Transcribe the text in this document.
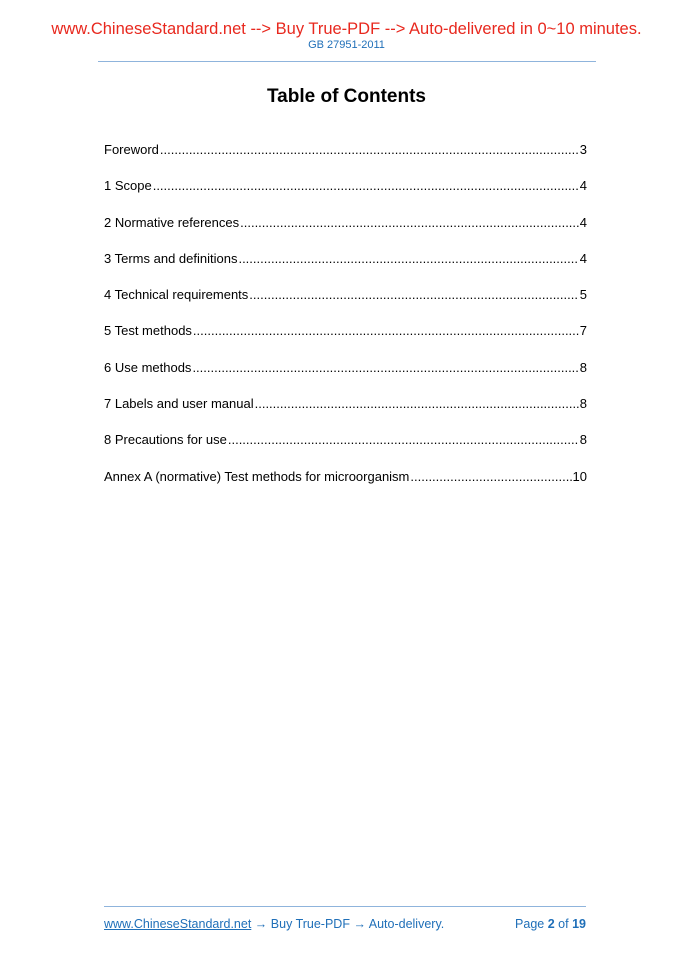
www.ChineseStandard.net --> Buy True-PDF --> Auto-delivered in 0~10 minutes.
GB 27951-2011
Table of Contents
Foreword .....	3
1 Scope .....	4
2 Normative references .....	4
3 Terms and definitions .....	4
4 Technical requirements .....	5
5 Test methods .....	7
6 Use methods .....	8
7 Labels and user manual .....	8
8 Precautions for use .....	8
Annex A (normative) Test methods for microorganism .....	10
www.ChineseStandard.net → Buy True-PDF → Auto-delivery.	Page 2 of 19
